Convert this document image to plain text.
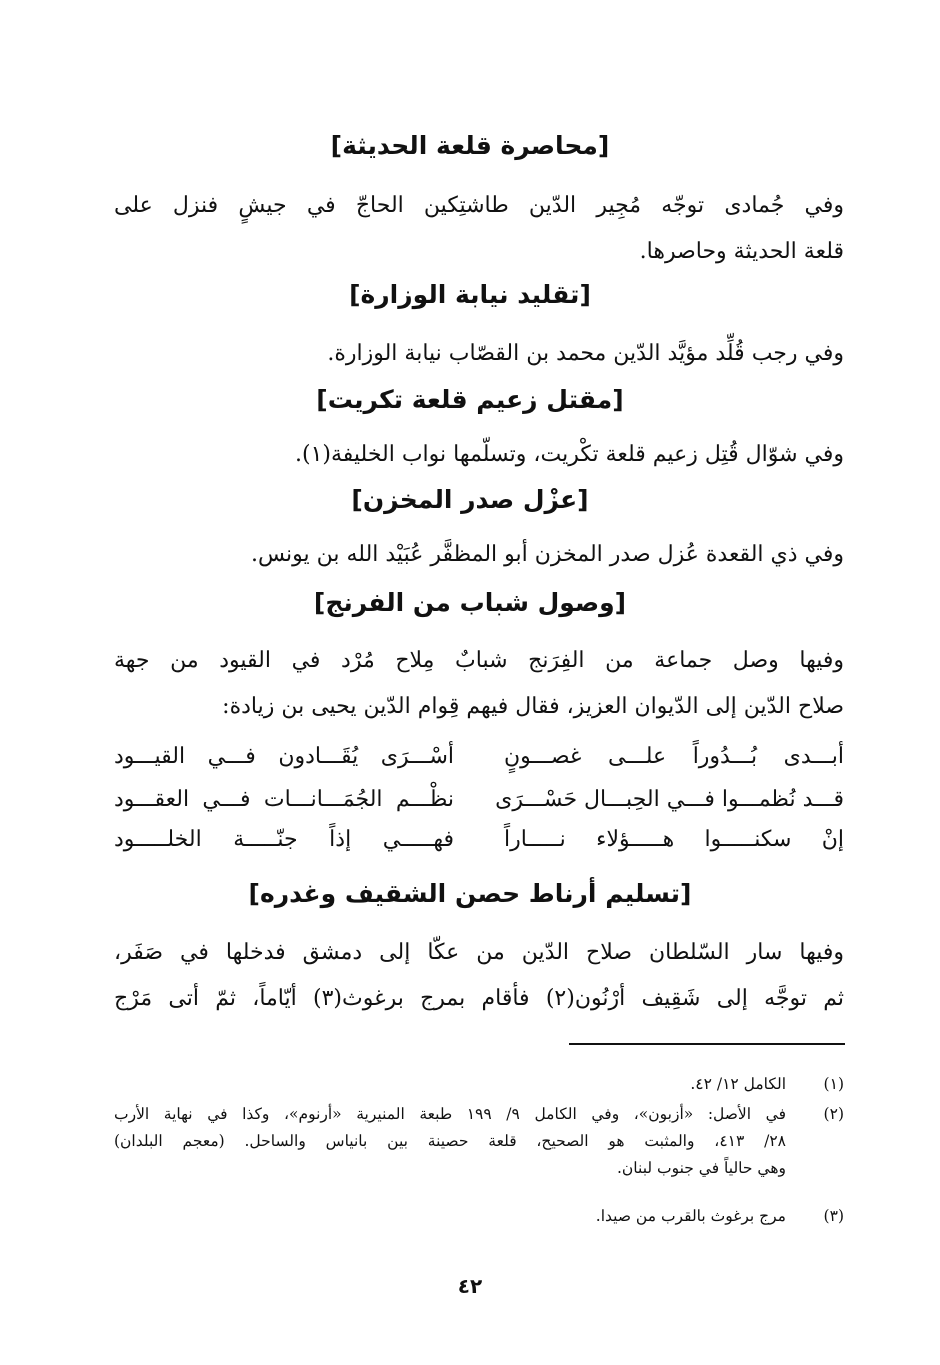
[محاصرة قلعة الحديثة]
وفي جُمادى توجّه مُجِير الدّين طاشتِكين الحاجّ في جيشٍ فنزل على
قلعة الحديثة وحاصرها.
[تقليد نيابة الوزارة]
وفي رجب قُلِّد مؤيَّد الدّين محمد بن القصّاب نيابة الوزارة.
[مقتل زعيم قلعة تكريت]
وفي شوّال قُتِل زعيم قلعة تكْريت، وتسلّمها نواب الخليفة(١).
[عزْل صدر المخزن]
وفي ذي القعدة عُزل صدر المخزن أبو المظفَّر عُبَيْد الله بن يونس.
[وصول شباب من الفرنج]
وفيها وصل جماعة من الفِرَنج شبابٌ مِلاح مُرْد في القيود من جهة
صلاح الدّين إلى الدّيوان العزيز، فقال فيهم قِوام الدّين يحيى بن زيادة:
أبـــدى بُـــدُوراً علـــى غصـــونٍ
أسْـــرَى يُقَـــادون فـــي القيـــود
قـــد نُظمـــوا فـــي الحِبـــال حَسْـــرَى
نظْـــم الجُمَـــانـــات فـــي العقـــود
إنْ سكنـــــوا هـــــؤلاء نـــــاراً
فهـــــي إذاً جنّـــــة الخلـــــود
[تسليم أرناط حصن الشقيف وغدره]
وفيها سار السّلطان صلاح الدّين من عكّا إلى دمشق فدخلها في صَفَر،
ثم توجَّه إلى شَقِيف أرْنُون(٢) فأقام بمرج برغوث(٣) أيّاماً، ثمّ أتى مَرْج
(١)
الكامل ١٢/ ٤٢.
(٢)
في الأصل: «أزبون»، وفي الكامل ٩/ ١٩٩ طبعة المنيرية «أرنوم»، وكذا في نهاية الأرب
٢٨/ ٤١٣، والمثبت هو الصحيح، قلعة حصينة بين بانياس والساحل. (معجم البلدان)
وهي حالياً في جنوب لبنان.
(٣)
مرج برغوث بالقرب من صيدا.
٤٢
